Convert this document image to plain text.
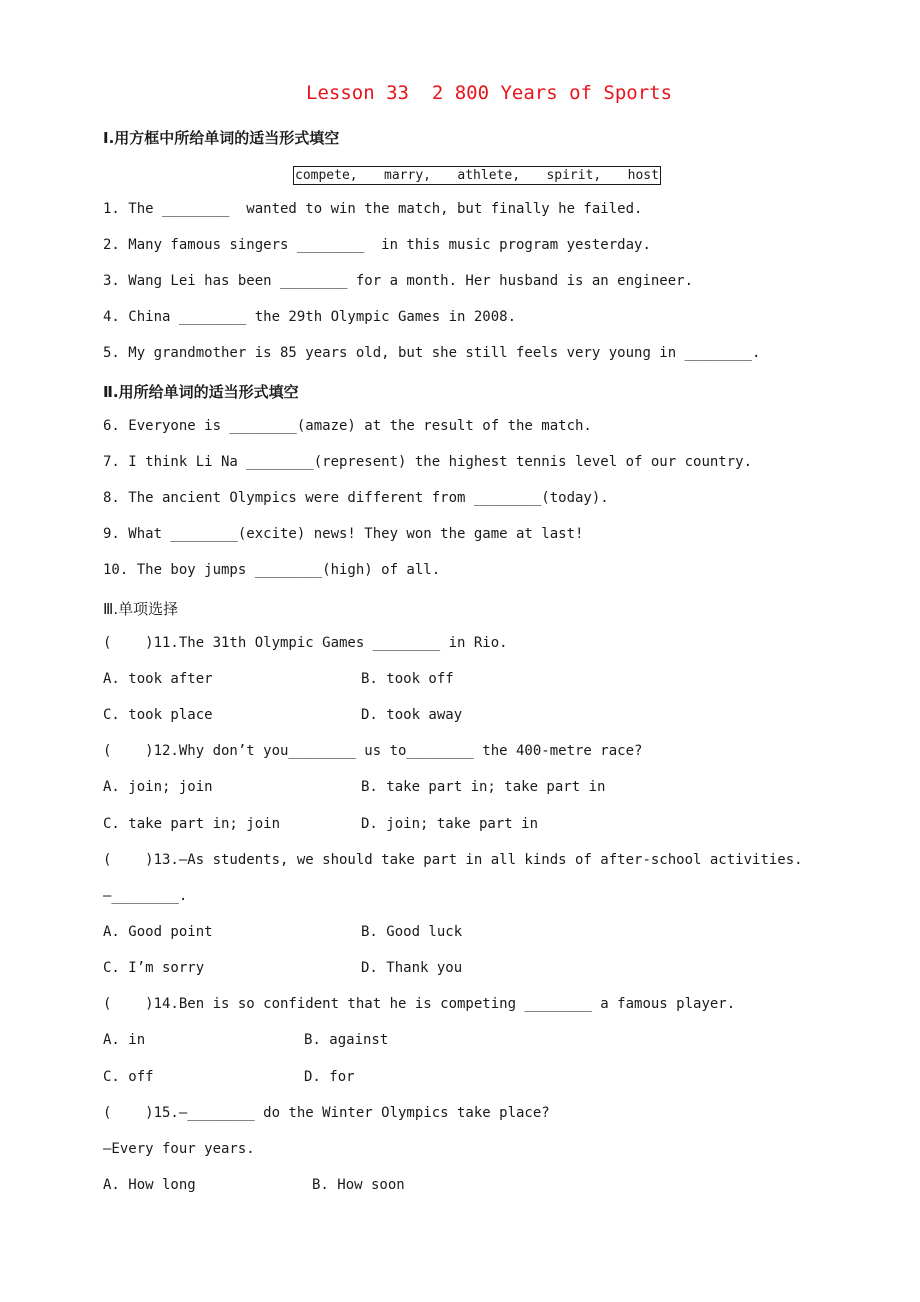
Lesson 33  2 800 Years of Sports
Ⅰ.用方框中所给单词的适当形式填空
compete, marry, athlete, spirit, host
1. The ________  wanted to win the match, but finally he failed.
2. Many famous singers ________  in this music program yesterday.
3. Wang Lei has been ________ for a month. Her husband is an engineer.
4. China ________ the 29th Olympic Games in 2008.
5. My grandmother is 85 years old, but she still feels very young in ________.
Ⅱ.用所给单词的适当形式填空
6. Everyone is ________(amaze) at the result of the match.
7. I think Li Na ________(represent) the highest tennis level of our country.
8. The ancient Olympics were different from ________(today).
9. What ________(excite) news! They won the game at last!
10. The boy jumps ________(high) of all.
Ⅲ.单项选择
(    )11.The 31th Olympic Games ________ in Rio.
A. took after	B. took off
C. took place	D. took away
(    )12.Why don’t you________ us to________ the 400-metre race?
A. join; join	B. take part in; take part in
C. take part in; join	D. join; take part in
(    )13.—As students, we should take part in all kinds of after-school activities.
—________.
A. Good point	B. Good luck
C. I’m sorry	D. Thank you
(    )14.Ben is so confident that he is competing ________ a famous player.
A. in	B. against
C. off	D. for
(    )15.—________ do the Winter Olympics take place?
—Every four years.
A. How long	B. How soon
